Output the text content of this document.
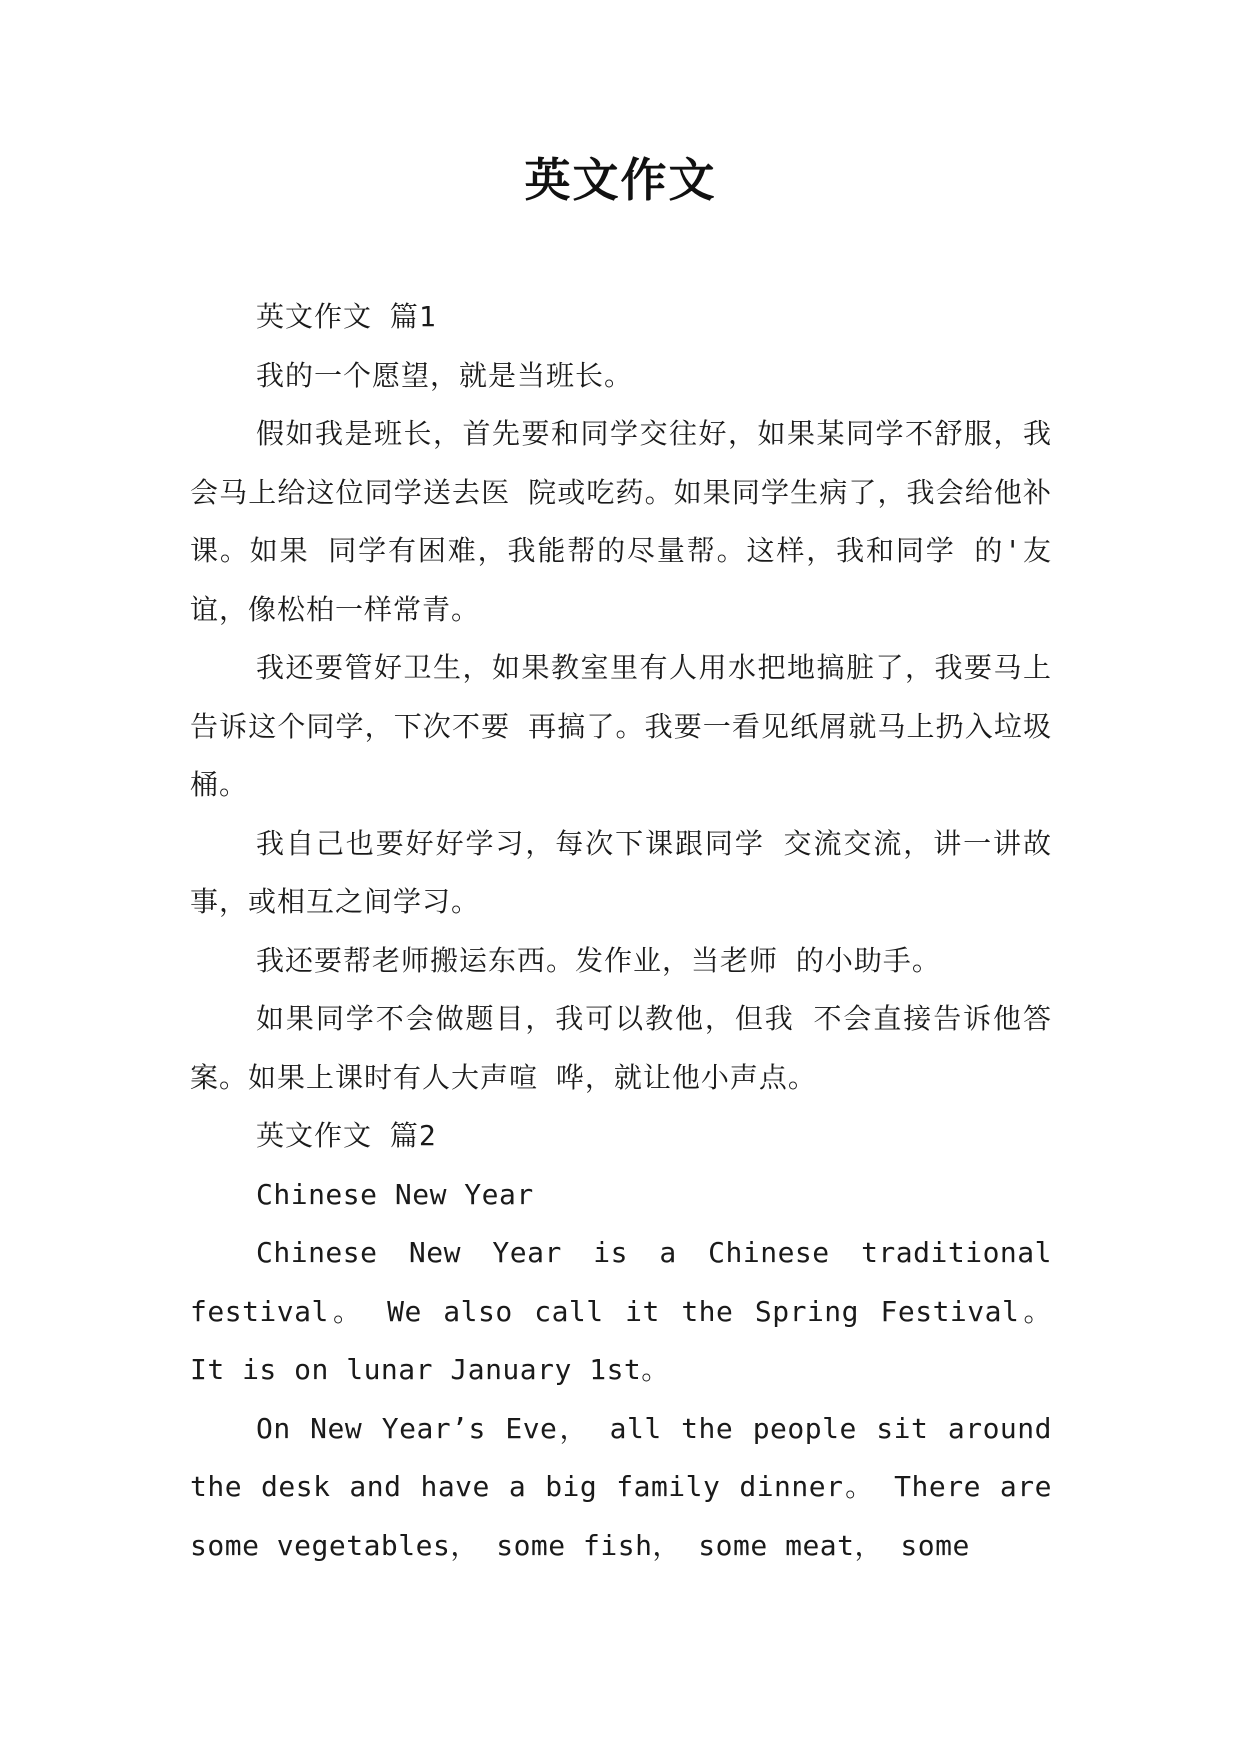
英文作文

英文作文 篇1

我的一个愿望，就是当班长。

假如我是班长，首先要和同学交往好，如果某同学不舒服，我会马上给这位同学送去医 院或吃药。如果同学生病了，我会给他补课。如果 同学有困难，我能帮的尽量帮。这样，我和同学 的'友谊，像松柏一样常青。

我还要管好卫生，如果教室里有人用水把地搞脏了，我要马上告诉这个同学，下次不要 再搞了。我要一看见纸屑就马上扔入垃圾桶。

我自己也要好好学习，每次下课跟同学 交流交流，讲一讲故事，或相互之间学习。

我还要帮老师搬运东西。发作业，当老师 的小助手。

如果同学不会做题目，我可以教他，但我 不会直接告诉他答案。如果上课时有人大声喧 哗，就让他小声点。

英文作文 篇2

Chinese New Year

Chinese New Year is a Chinese traditional festival。 We also call it the Spring Festival。 It is on lunar January 1st。

On New Year’s Eve， all the people sit around the desk and have a big family dinner。 There are some vegetables， some fish， some meat， some
